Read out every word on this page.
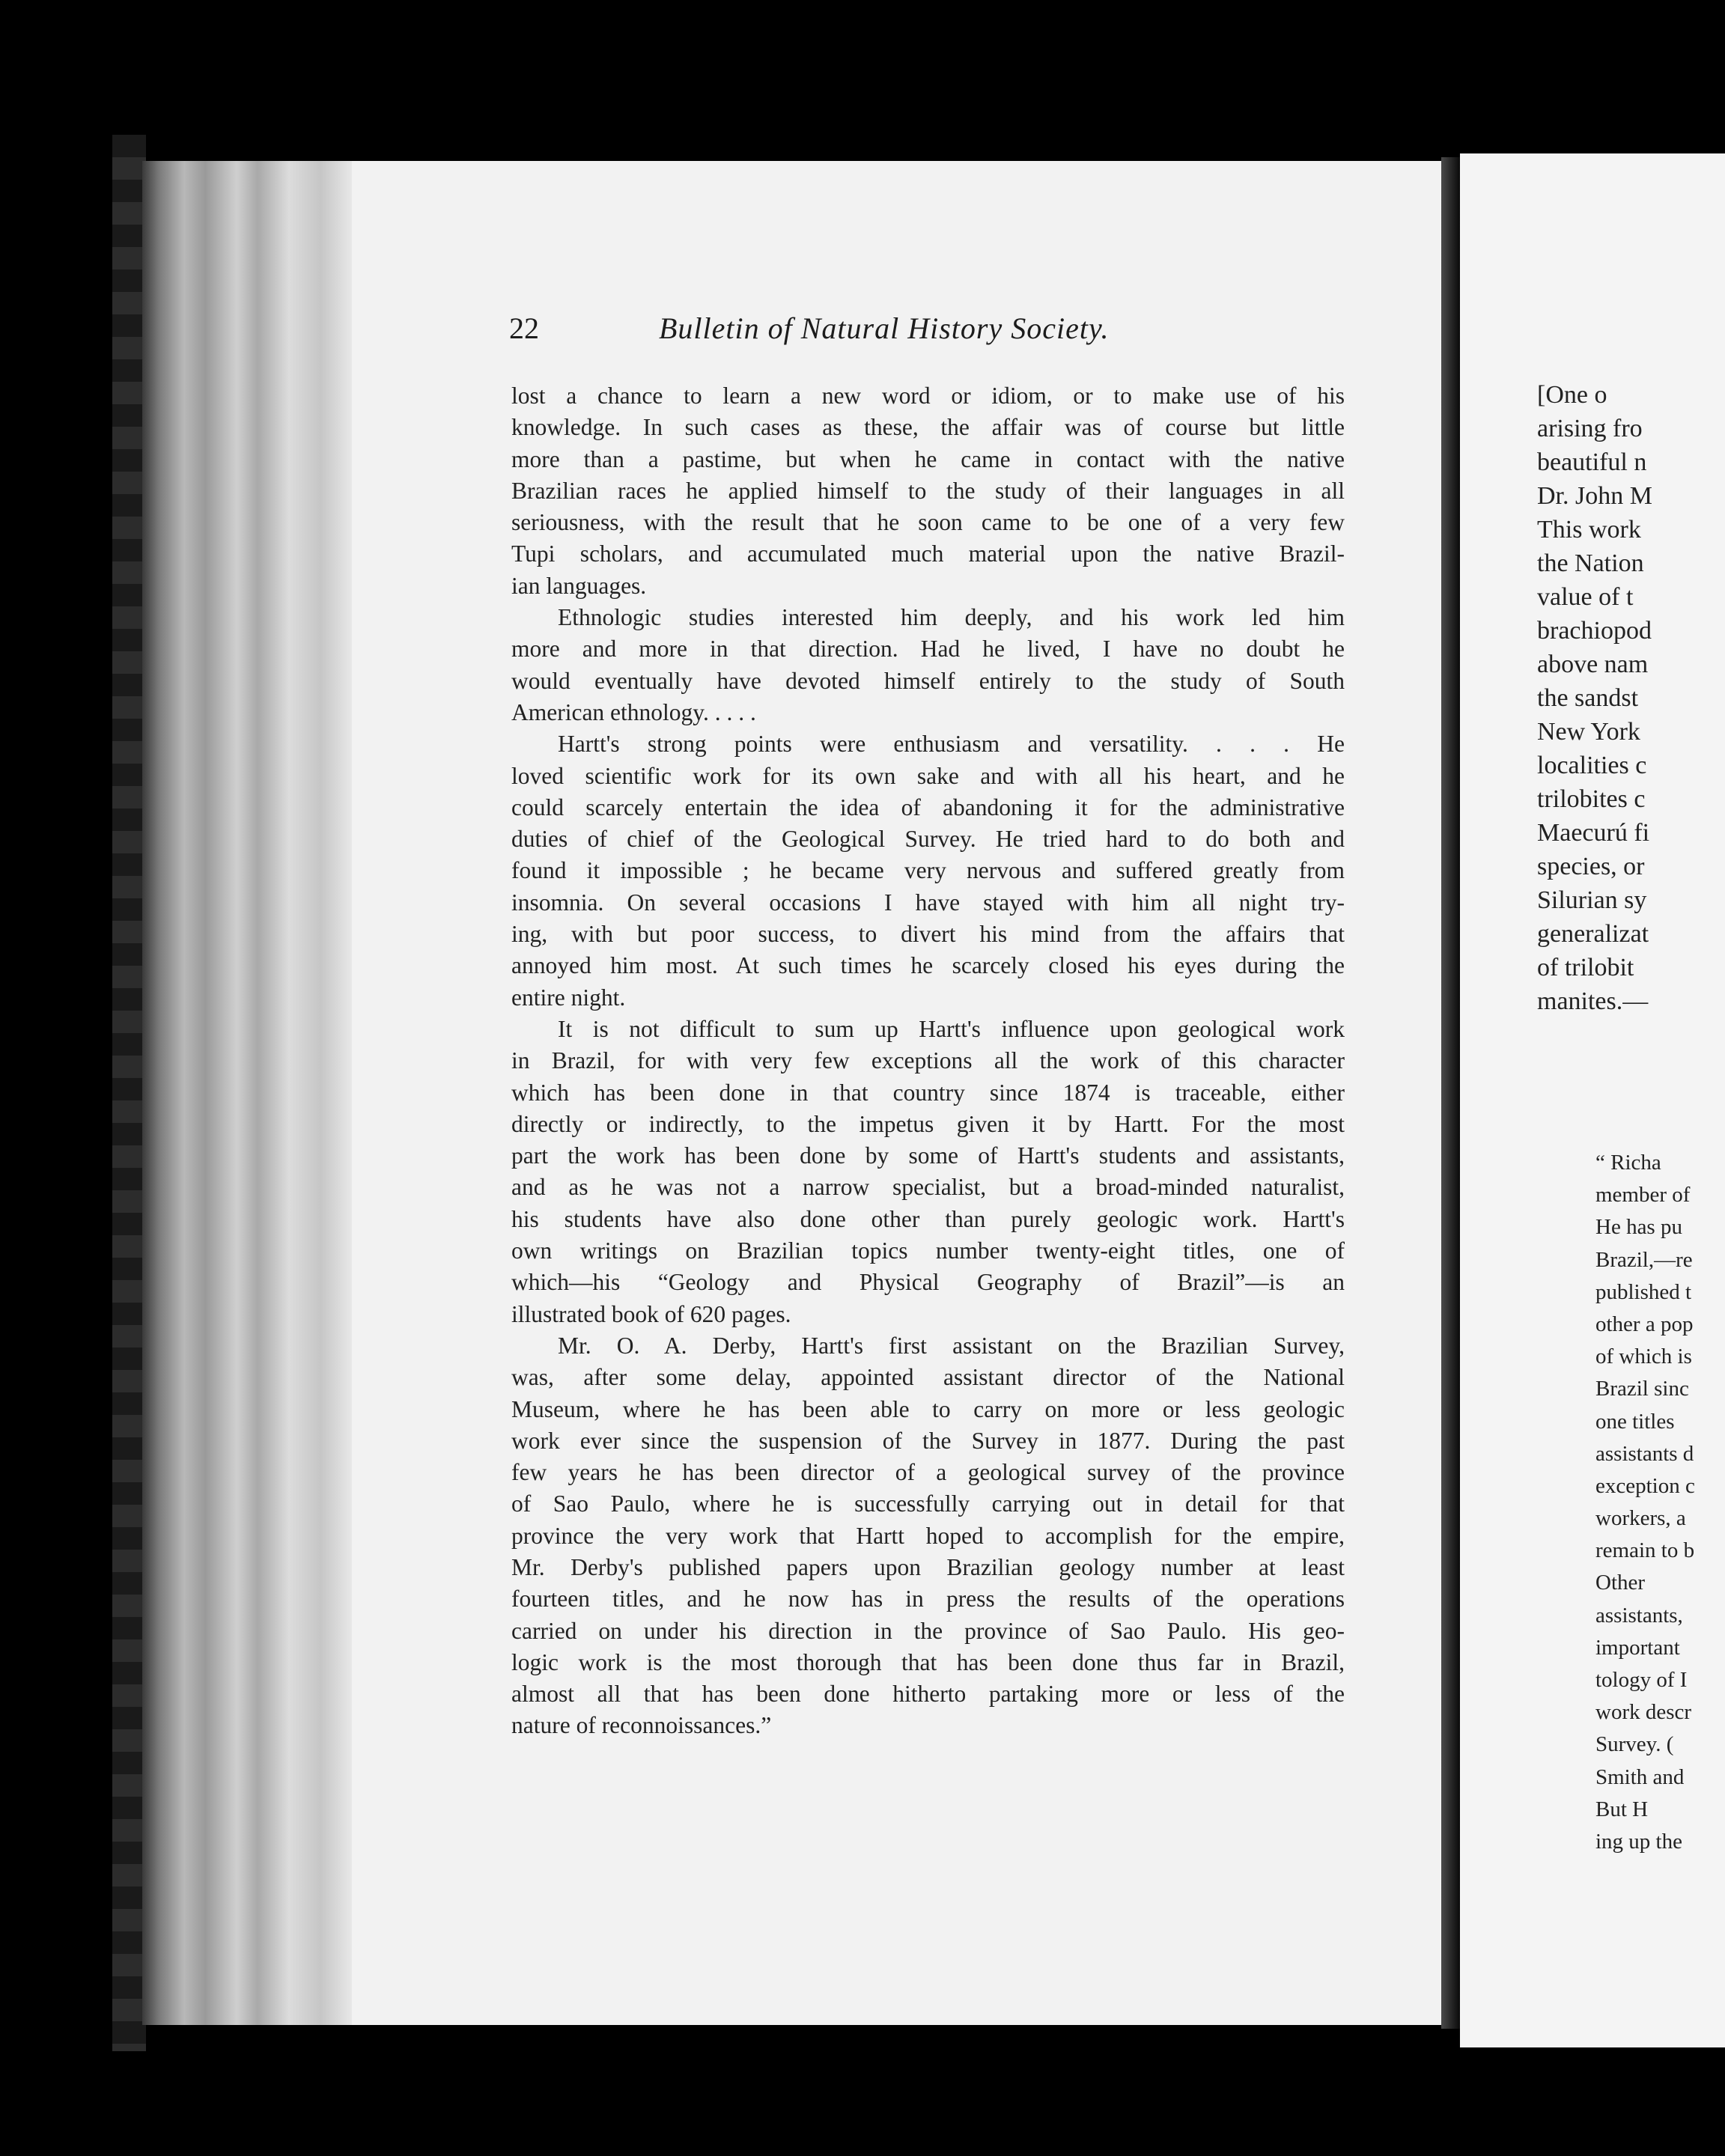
22	Bulletin of Natural History Society.
lost a chance to learn a new word or idiom, or to make use of his
knowledge. In such cases as these, the affair was of course but little
more than a pastime, but when he came in contact with the native
Brazilian races he applied himself to the study of their languages in all
seriousness, with the result that he soon came to be one of a very few
Tupi scholars, and accumulated much material upon the native Brazil-
ian languages.
Ethnologic studies interested him deeply, and his work led him
more and more in that direction. Had he lived, I have no doubt he
would eventually have devoted himself entirely to the study of South
American ethnology. . . . .
Hartt's strong points were enthusiasm and versatility. . . . He
loved scientific work for its own sake and with all his heart, and he
could scarcely entertain the idea of abandoning it for the administrative
duties of chief of the Geological Survey. He tried hard to do both and
found it impossible ; he became very nervous and suffered greatly from
insomnia. On several occasions I have stayed with him all night try-
ing, with but poor success, to divert his mind from the affairs that
annoyed him most. At such times he scarcely closed his eyes during the
entire night.
It is not difficult to sum up Hartt's influence upon geological work
in Brazil, for with very few exceptions all the work of this character
which has been done in that country since 1874 is traceable, either
directly or indirectly, to the impetus given it by Hartt. For the most
part the work has been done by some of Hartt's students and assistants,
and as he was not a narrow specialist, but a broad-minded naturalist,
his students have also done other than purely geologic work. Hartt's
own writings on Brazilian topics number twenty-eight titles, one of
which—his “Geology and Physical Geography of Brazil”—is an
illustrated book of 620 pages.
Mr. O. A. Derby, Hartt's first assistant on the Brazilian Survey,
was, after some delay, appointed assistant director of the National
Museum, where he has been able to carry on more or less geologic
work ever since the suspension of the Survey in 1877. During the past
few years he has been director of a geological survey of the province
of Sao Paulo, where he is successfully carrying out in detail for that
province the very work that Hartt hoped to accomplish for the empire,
Mr. Derby's published papers upon Brazilian geology number at least
fourteen titles, and he now has in press the results of the operations
carried on under his direction in the province of Sao Paulo. His geo-
logic work is the most thorough that has been done thus far in Brazil,
almost all that has been done hitherto partaking more or less of the
nature of reconnoissances.”
[One o
arising fro
beautiful n
Dr. John M
This work
the Nation
value of t
brachiopod
above nam
the sandst
New York
localities c
trilobites c
Maecurú fi
species, or
Silurian sy
generalizat
of trilobit
manites.—
“ Richa
member of
He has pu
Brazil,—re
published t
other a pop
of which is
Brazil sinc
one titles
assistants d
exception c
workers, a
remain to b
Other
assistants,
important
tology of I
work descr
Survey. (
Smith and
But H
ing up the
